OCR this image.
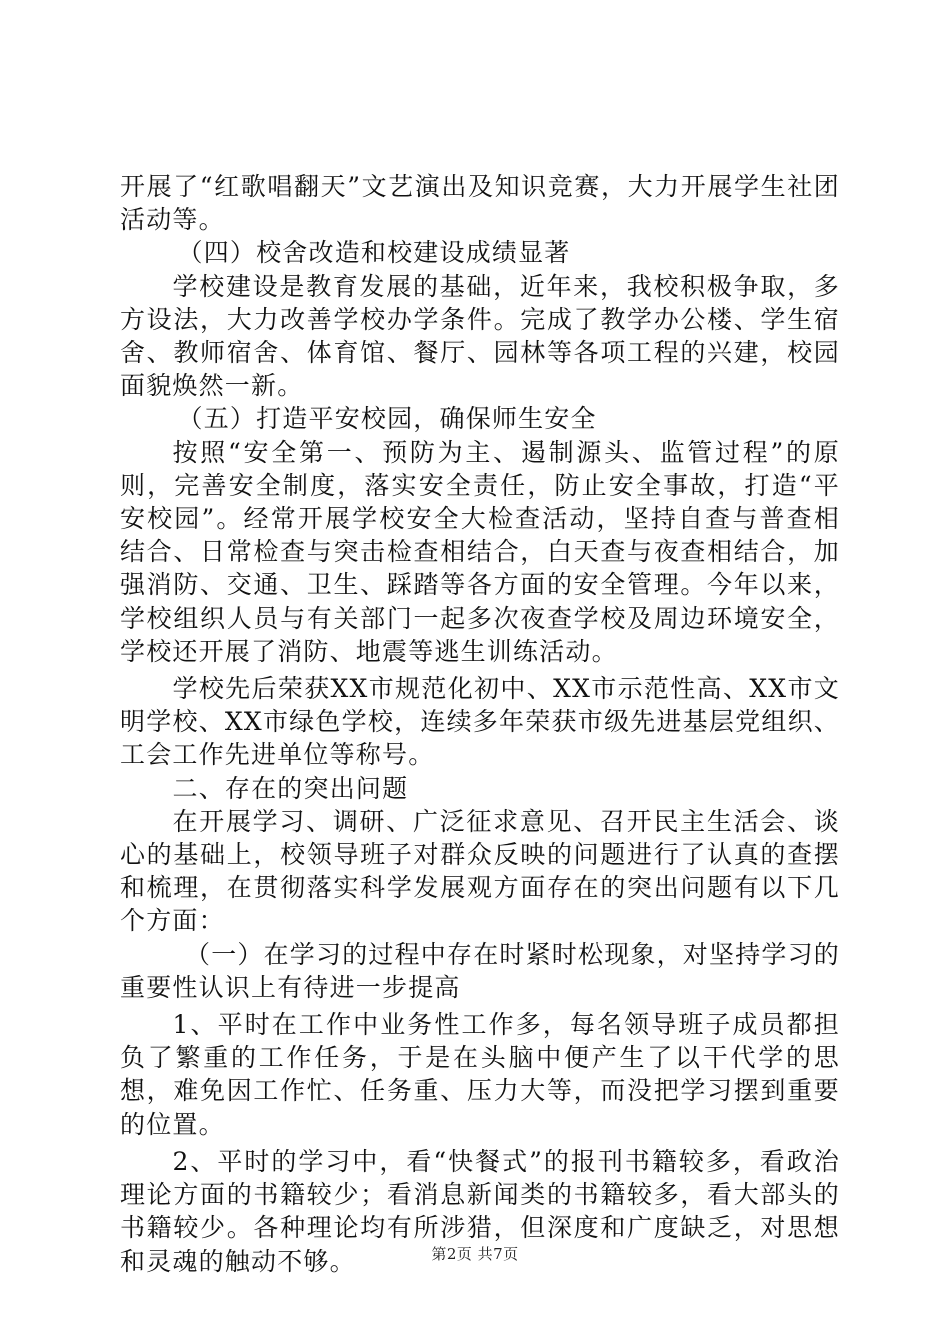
开展了“红歌唱翻天”文艺演出及知识竞赛，大力开展学生社团活动等。

（四）校舍改造和校建设成绩显著

学校建设是教育发展的基础，近年来，我校积极争取，多方设法，大力改善学校办学条件。完成了教学办公楼、学生宿舍、教师宿舍、体育馆、餐厅、园林等各项工程的兴建，校园面貌焕然一新。

（五）打造平安校园，确保师生安全

按照“安全第一、预防为主、遏制源头、监管过程”的原则，完善安全制度，落实安全责任，防止安全事故，打造“平安校园”。经常开展学校安全大检查活动，坚持自查与普查相结合、日常检查与突击检查相结合，白天查与夜查相结合，加强消防、交通、卫生、踩踏等各方面的安全管理。今年以来，学校组织人员与有关部门一起多次夜查学校及周边环境安全，学校还开展了消防、地震等逃生训练活动。

学校先后荣获XX市规范化初中、XX市示范性高、XX市文明学校、XX市绿色学校，连续多年荣获市级先进基层党组织、工会工作先进单位等称号。

二、存在的突出问题

在开展学习、调研、广泛征求意见、召开民主生活会、谈心的基础上，校领导班子对群众反映的问题进行了认真的查摆和梳理，在贯彻落实科学发展观方面存在的突出问题有以下几个方面：

（一）在学习的过程中存在时紧时松现象，对坚持学习的重要性认识上有待进一步提高

1、平时在工作中业务性工作多，每名领导班子成员都担负了繁重的工作任务，于是在头脑中便产生了以干代学的思想，难免因工作忙、任务重、压力大等，而没把学习摆到重要的位置。

2、平时的学习中，看“快餐式”的报刊书籍较多，看政治理论方面的书籍较少；看消息新闻类的书籍较多，看大部头的书籍较少。各种理论均有所涉猎，但深度和广度缺乏，对思想和灵魂的触动不够。	第2页 共7页
